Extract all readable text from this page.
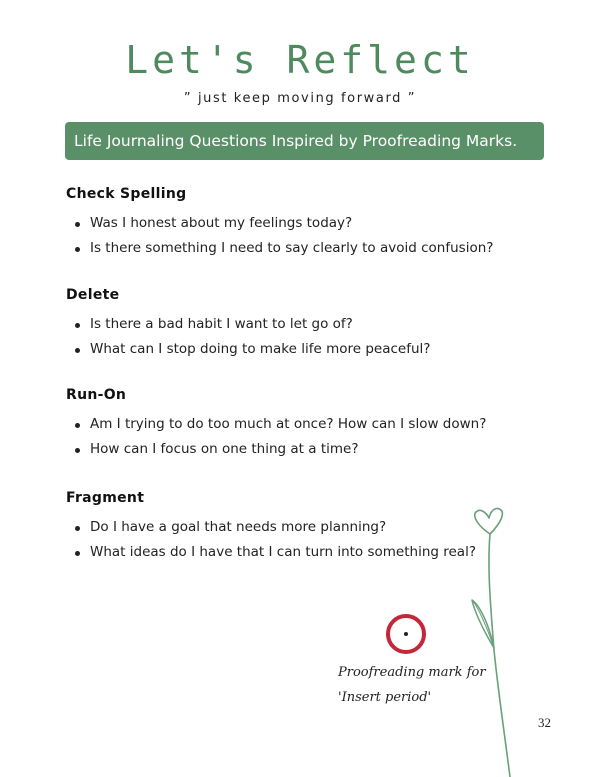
Let's Reflect
” just keep moving forward ”
Life Journaling Questions Inspired by Proofreading Marks.
Check Spelling
Was I honest about my feelings today?
Is there something I need to say clearly to avoid confusion?
Delete
Is there a bad habit I want to let go of?
What can I stop doing to make life more peaceful?
Run-On
Am I trying to do too much at once? How can I slow down?
How can I focus on one thing at a time?
Fragment
Do I have a goal that needs more planning?
What ideas do I have that I can turn into something real?
Proofreading mark for
'Insert period'
32
